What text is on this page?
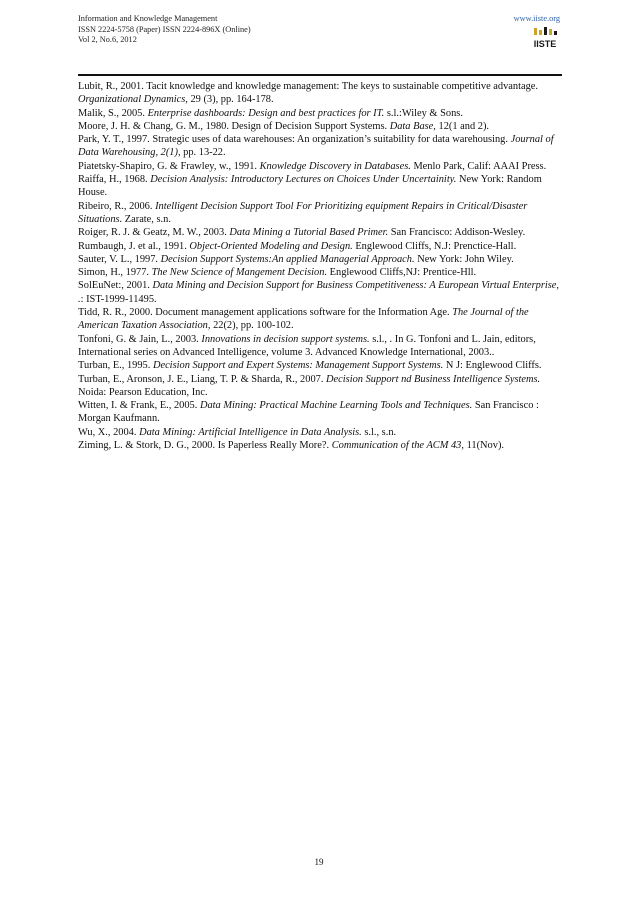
Information and Knowledge Management
ISSN 2224-5758 (Paper) ISSN 2224-896X (Online)
Vol 2, No.6, 2012
www.iiste.org
IISTE

Lubit, R., 2001. Tacit knowledge and knowledge management: The keys to sustainable competitive advantage. Organizational Dynamics, 29 (3), pp. 164-178.

Malik, S., 2005. Enterprise dashboards: Design and best practices for IT. s.l.:Wiley & Sons.

Moore, J. H. & Chang, G. M., 1980. Design of Decision Support Systems. Data Base, 12(1 and 2).

Park, Y. T., 1997. Strategic uses of data warehouses: An organization’s suitability for data warehousing. Journal of Data Warehousing, 2(1), pp. 13-22.

Piatetsky-Shapiro, G. & Frawley, w., 1991. Knowledge Discovery in Databases. Menlo Park, Calif: AAAI Press.

Raiffa, H., 1968. Decision Analysis: Introductory Lectures on Choices Under Uncertainity. New York: Random House.

Ribeiro, R., 2006. Intelligent Decision Support Tool For Prioritizing equipment Repairs in Critical/Disaster Situations. Zarate, s.n.

Roiger, R. J. & Geatz, M. W., 2003. Data Mining a Tutorial Based Primer. San Francisco: Addison-Wesley.

Rumbaugh, J. et al., 1991. Object-Oriented Modeling and Design. Englewood Cliffs, N.J: Prenctice-Hall.

Sauter, V. L., 1997. Decision Support Systems:An applied Managerial Approach. New York: John Wiley.

Simon, H., 1977. The New Science of Mangement Decision. Englewood Cliffs,NJ: Prentice-Hll.

SolEuNet:, 2001. Data Mining and Decision Support for Business Competitiveness: A European Virtual Enterprise, .: IST-1999-11495.

Tidd, R. R., 2000. Document management applications software for the Information Age. The Journal of the American Taxation Association, 22(2), pp. 100-102.

Tonfoni, G. & Jain, L., 2003. Innovations in decision support systems. s.l., . In G. Tonfoni and L. Jain, editors, International series on Advanced Intelligence, volume 3. Advanced Knowledge International, 2003..

Turban, E., 1995. Decision Support and Expert Systems: Management Support Systems. N J: Englewood Cliffs.

Turban, E., Aronson, J. E., Liang, T. P. & Sharda, R., 2007. Decision Support nd Business Intelligence Systems. Noida: Pearson Education, Inc.

Witten, I. & Frank, E., 2005. Data Mining: Practical Machine Learning Tools and Techniques. San Francisco : Morgan Kaufmann.

Wu, X., 2004. Data Mining: Artificial Intelligence in Data Analysis. s.l., s.n.

Ziming, L. & Stork, D. G., 2000. Is Paperless Really More?. Communication of the ACM 43, 11(Nov).

19
